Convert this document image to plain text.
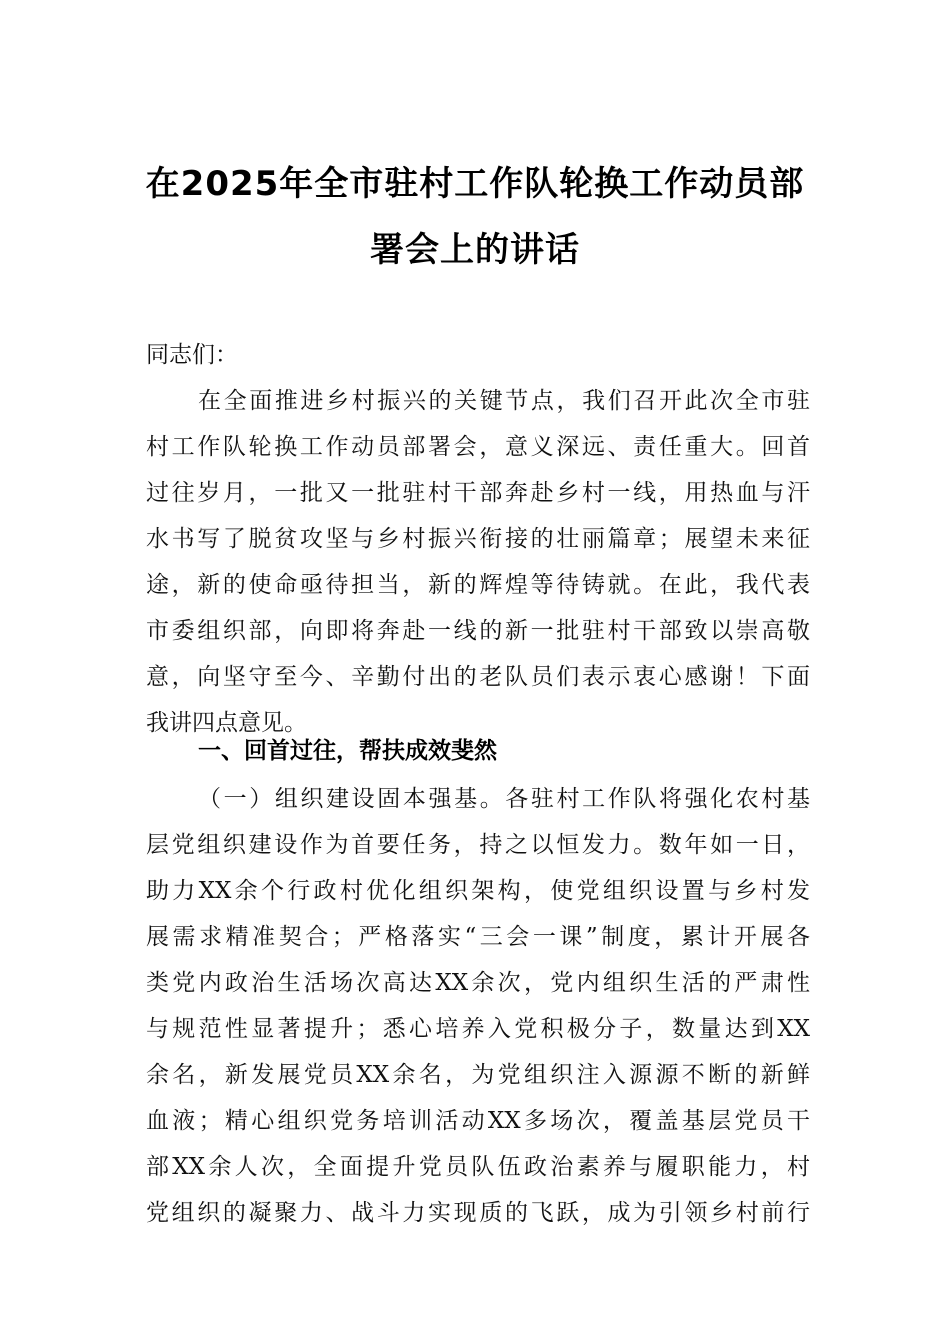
在2025年全市驻村工作队轮换工作动员部
署会上的讲话
同志们：
在全面推进乡村振兴的关键节点，我们召开此次全市驻
村工作队轮换工作动员部署会，意义深远、责任重大。回首
过往岁月，一批又一批驻村干部奔赴乡村一线，用热血与汗
水书写了脱贫攻坚与乡村振兴衔接的壮丽篇章；展望未来征
途，新的使命亟待担当，新的辉煌等待铸就。在此，我代表
市委组织部，向即将奔赴一线的新一批驻村干部致以崇高敬
意，向坚守至今、辛勤付出的老队员们表示衷心感谢！下面
我讲四点意见。
一、回首过往，帮扶成效斐然
（一）组织建设固本强基。各驻村工作队将强化农村基
层党组织建设作为首要任务，持之以恒发力。数年如一日，
助力XX余个行政村优化组织架构，使党组织设置与乡村发
展需求精准契合；严格落实“三会一课”制度，累计开展各
类党内政治生活场次高达XX余次，党内组织生活的严肃性
与规范性显著提升；悉心培养入党积极分子，数量达到XX
余名，新发展党员XX余名，为党组织注入源源不断的新鲜
血液；精心组织党务培训活动XX多场次，覆盖基层党员干
部XX余人次，全面提升党员队伍政治素养与履职能力，村
党组织的凝聚力、战斗力实现质的飞跃，成为引领乡村前行
